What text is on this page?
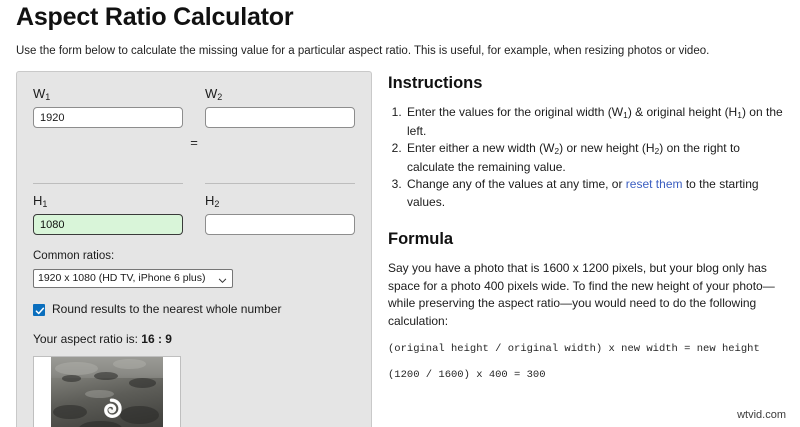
Aspect Ratio Calculator

Use the form below to calculate the missing value for a particular aspect ratio. This is useful, for example, when resizing photos or video.

$W_1$
1920
=
$W_2$
$H_1$
1080	$H_2$
Common ratios:
1920 x 1080 (HD TV, iPhone 6 plus)
Round results to the nearest whole number
Your aspect ratio is: 16 : 9
Instructions
1. Enter the values for the original width $(W_1)$ & original height $(H_1)$ on the left.
2. Enter either a new width $(W_2)$ or new height $(H_2)$ on the right to calculate the remaining value.
3. Change any of the values at any time, or reset them to the starting values.
Formula

Say you have a photo that is 1600 x 1200 pixels, but your blog only has space for a photo 400 pixels wide. To find the new height of your photo—while preserving the aspect ratio—you would need to do the following calculation:

(original height / original width) x new width = new height
(1200 / 1600) x 400 = 300
wtvid.com
